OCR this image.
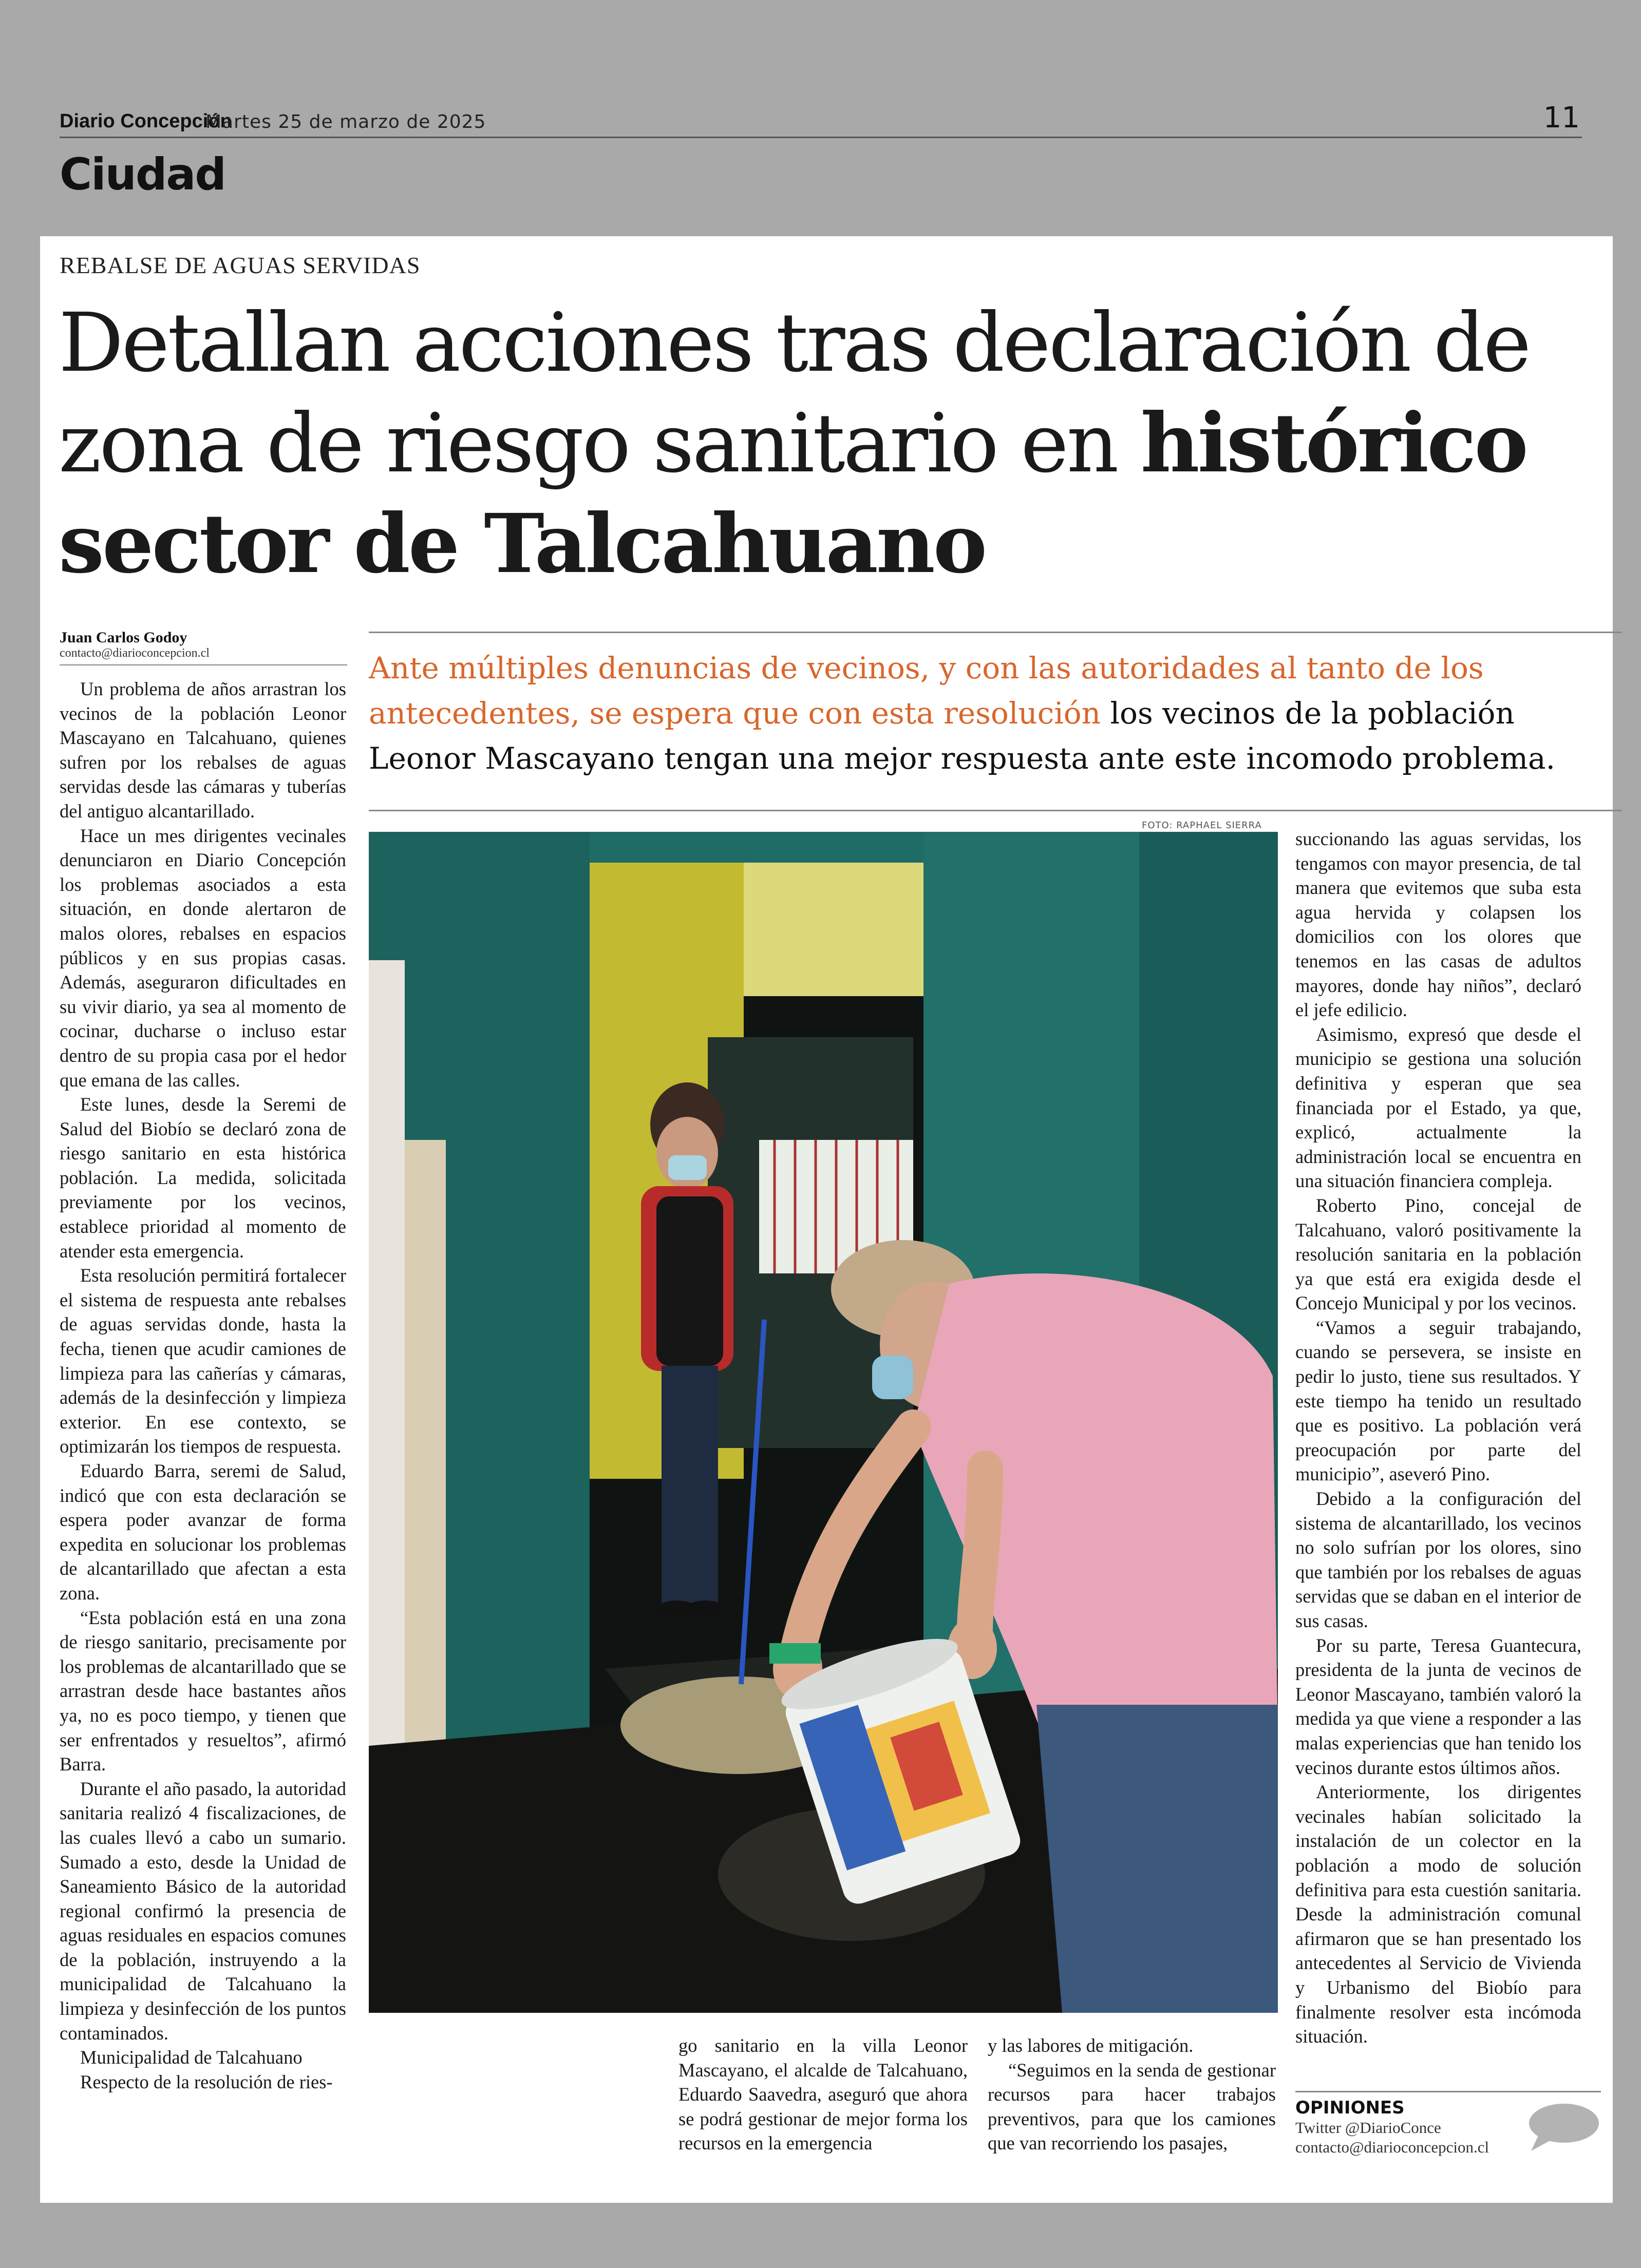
Diario Concepción
Martes 25 de marzo de 2025	11
Ciudad
REBALSE DE AGUAS SERVIDAS
Detallan acciones tras declaración de
zona de riesgo sanitario en histórico
sector de Talcahuano
Juan Carlos Godoy
contacto@diarioconcepcion.cl	Ante múltiples denuncias de vecinos, y con las autoridades al tanto de los antecedentes, se espera que con esta resolución los vecinos de la población Leonor Mascayano tengan una mejor respuesta ante este incomodo problema.

Un problema de años arrastran los vecinos de la población Leonor Mascayano en Talcahuano, quienes sufren por los rebalses de aguas servidas desde las cámaras y tuberías del antiguo alcantarillado.

Hace un mes dirigentes vecinales denunciaron en Diario Concepción los problemas asociados a esta situación, en donde alertaron de malos olores, rebalses en espacios públicos y en sus propias casas. Además, aseguraron dificultades en su vivir diario, ya sea al momento de cocinar, ducharse o incluso estar dentro de su propia casa por el hedor que emana de las calles.

Este lunes, desde la Seremi de Salud del Biobío se declaró zona de riesgo sanitario en esta histórica población. La medida, solicitada previamente por los vecinos, establece prioridad al momento de atender esta emergencia.

Esta resolución permitirá fortalecer el sistema de respuesta ante rebalses de aguas servidas donde, hasta la fecha, tienen que acudir camiones de limpieza para las cañerías y cámaras, además de la desinfección y limpieza exterior. En ese contexto, se optimizarán los tiempos de respuesta.

Eduardo Barra, seremi de Salud, indicó que con esta declaración se espera poder avanzar de forma expedita en solucionar los problemas de alcantarillado que afectan a esta zona.

“Esta población está en una zona de riesgo sanitario, precisamente por los problemas de alcantarillado que se arrastran desde hace bastantes años ya, no es poco tiempo, y tienen que ser enfrentados y resueltos”, afirmó Barra.

Durante el año pasado, la autoridad sanitaria realizó 4 fiscalizaciones, de las cuales llevó a cabo un sumario. Sumado a esto, desde la Unidad de Saneamiento Básico de la autoridad regional confirmó la presencia de aguas residuales en espacios comunes de la población, instruyendo a la municipalidad de Talcahuano la limpieza y desinfección de los puntos contaminados.

Municipalidad de Talcahuano

Respecto de la resolución de ries-

FOTO: RAPHAEL SIERRA

go sanitario en la villa Leonor Mascayano, el alcalde de Talcahuano, Eduardo Saavedra, aseguró que ahora se podrá gestionar de mejor forma los recursos en la emergencia

y las labores de mitigación.

“Seguimos en la senda de gestionar recursos para hacer trabajos preventivos, para que los camiones que van recorriendo los pasajes,

succionando las aguas servidas, los tengamos con mayor presencia, de tal manera que evitemos que suba esta agua hervida y colapsen los domicilios con los olores que tenemos en las casas de adultos mayores, donde hay niños”, declaró el jefe edilicio.

Asimismo, expresó que desde el municipio se gestiona una solución definitiva y esperan que sea financiada por el Estado, ya que, explicó, actualmente la administración local se encuentra en una situación financiera compleja.

Roberto Pino, concejal de Talcahuano, valoró positivamente la resolución sanitaria en la población ya que está era exigida desde el Concejo Municipal y por los vecinos.

“Vamos a seguir trabajando, cuando se persevera, se insiste en pedir lo justo, tiene sus resultados. Y este tiempo ha tenido un resultado que es positivo. La población verá preocupación por parte del municipio”, aseveró Pino.

Debido a la configuración del sistema de alcantarillado, los vecinos no solo sufrían por los olores, sino que también por los rebalses de aguas servidas que se daban en el interior de sus casas.

Por su parte, Teresa Guantecura, presidenta de la junta de vecinos de Leonor Mascayano, también valoró la medida ya que viene a responder a las malas experiencias que han tenido los vecinos durante estos últimos años.

Anteriormente, los dirigentes vecinales habían solicitado la instalación de un colector en la población a modo de solución definitiva para esta cuestión sanitaria. Desde la administración comunal afirmaron que se han presentado los antecedentes al Servicio de Vivienda y Urbanismo del Biobío para finalmente resolver esta incómoda situación.

OPINIONES
Twitter @DiarioConce
contacto@diarioconcepcion.cl
